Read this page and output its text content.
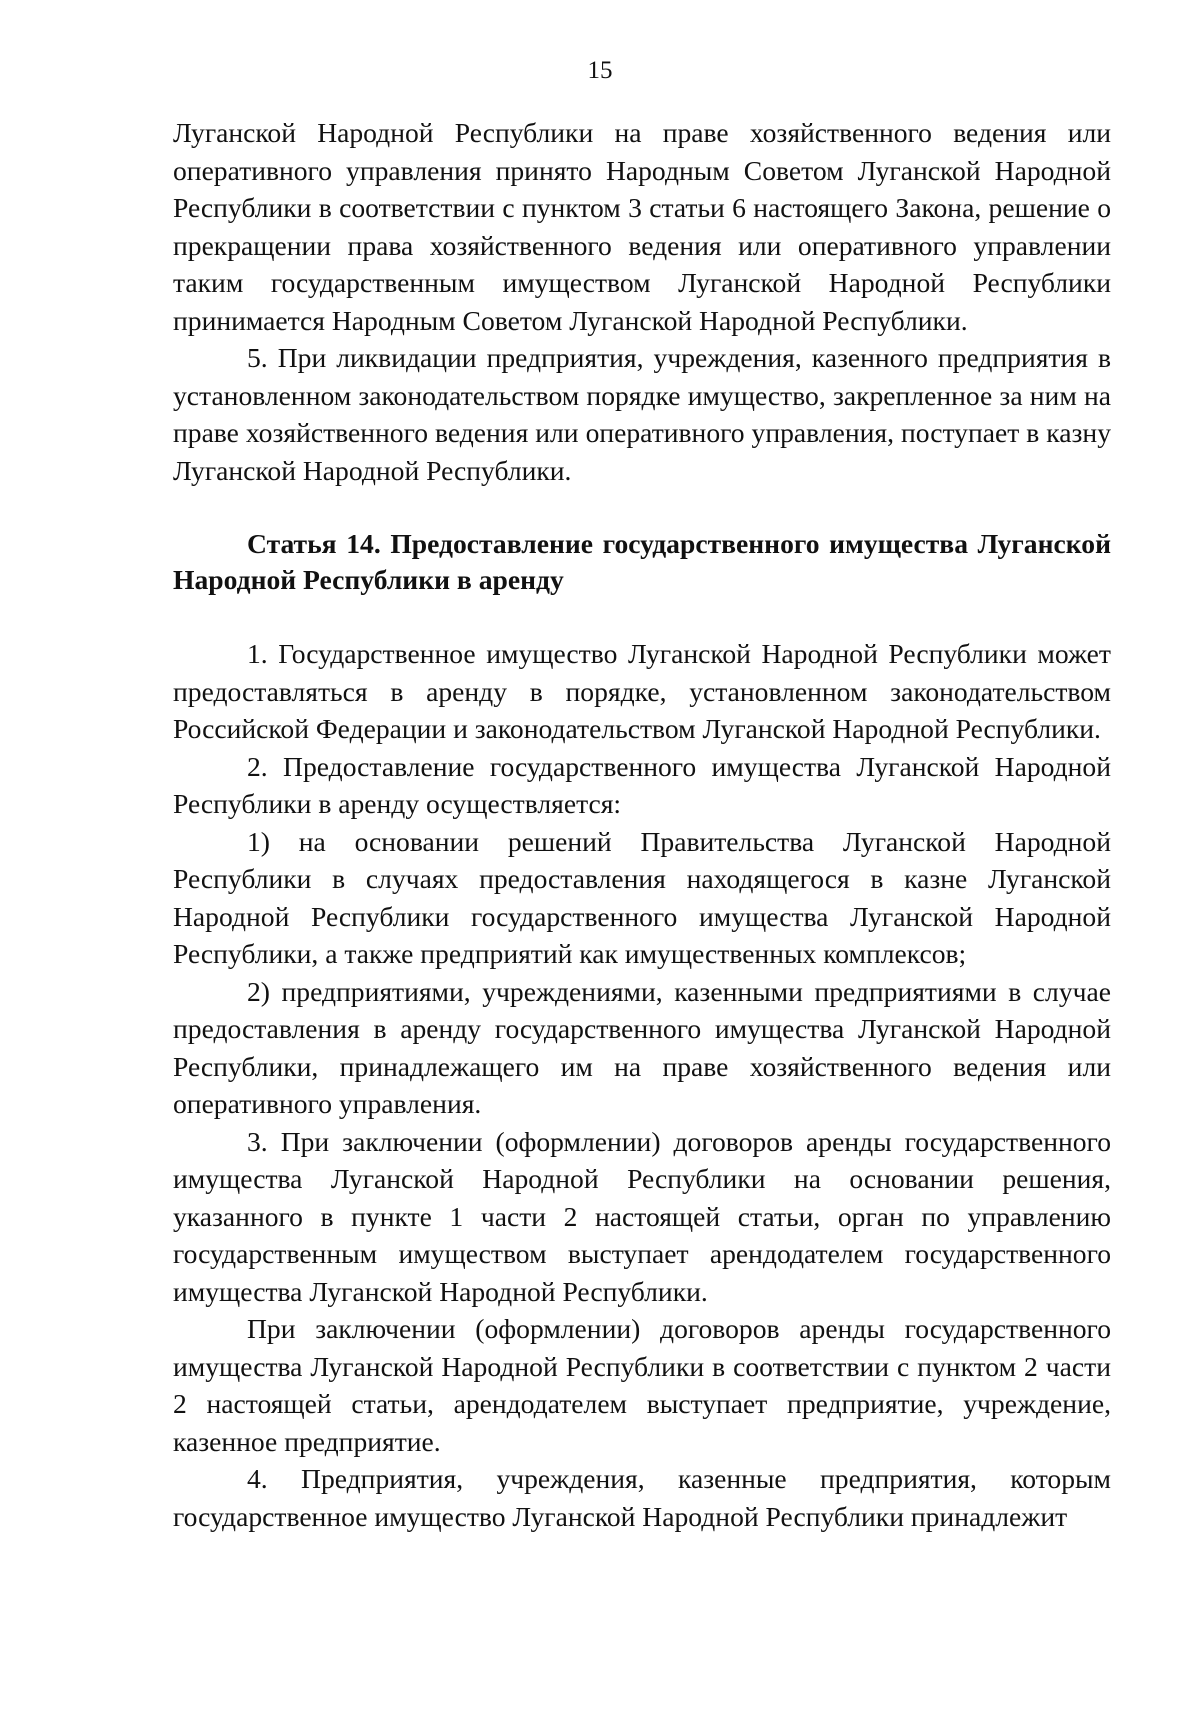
15

Луганской Народной Республики на праве хозяйственного ведения или оперативного управления принято Народным Советом Луганской Народной Республики в соответствии с пунктом 3 статьи 6 настоящего Закона, решение о прекращении права хозяйственного ведения или оперативного управлении таким государственным имуществом Луганской Народной Республики принимается Народным Советом Луганской Народной Республики.

5. При ликвидации предприятия, учреждения, казенного предприятия в установленном законодательством порядке имущество, закрепленное за ним на праве хозяйственного ведения или оперативного управления, поступает в казну Луганской Народной Республики.

Статья 14. Предоставление государственного имущества Луганской Народной Республики в аренду

1. Государственное имущество Луганской Народной Республики может предоставляться в аренду в порядке, установленном законодательством Российской Федерации и законодательством Луганской Народной Республики.

2. Предоставление государственного имущества Луганской Народной Республики в аренду осуществляется:

1) на основании решений Правительства Луганской Народной Республики в случаях предоставления находящегося в казне Луганской Народной Республики государственного имущества Луганской Народной Республики, а также предприятий как имущественных комплексов;

2) предприятиями, учреждениями, казенными предприятиями в случае предоставления в аренду государственного имущества Луганской Народной Республики, принадлежащего им на праве хозяйственного ведения или оперативного управления.

3. При заключении (оформлении) договоров аренды государственного имущества Луганской Народной Республики на основании решения, указанного в пункте 1 части 2 настоящей статьи, орган по управлению государственным имуществом выступает арендодателем государственного имущества Луганской Народной Республики.

При заключении (оформлении) договоров аренды государственного имущества Луганской Народной Республики в соответствии с пунктом 2 части 2 настоящей статьи, арендодателем выступает предприятие, учреждение, казенное предприятие.

4. Предприятия, учреждения, казенные предприятия, которым государственное имущество Луганской Народной Республики принадлежит
